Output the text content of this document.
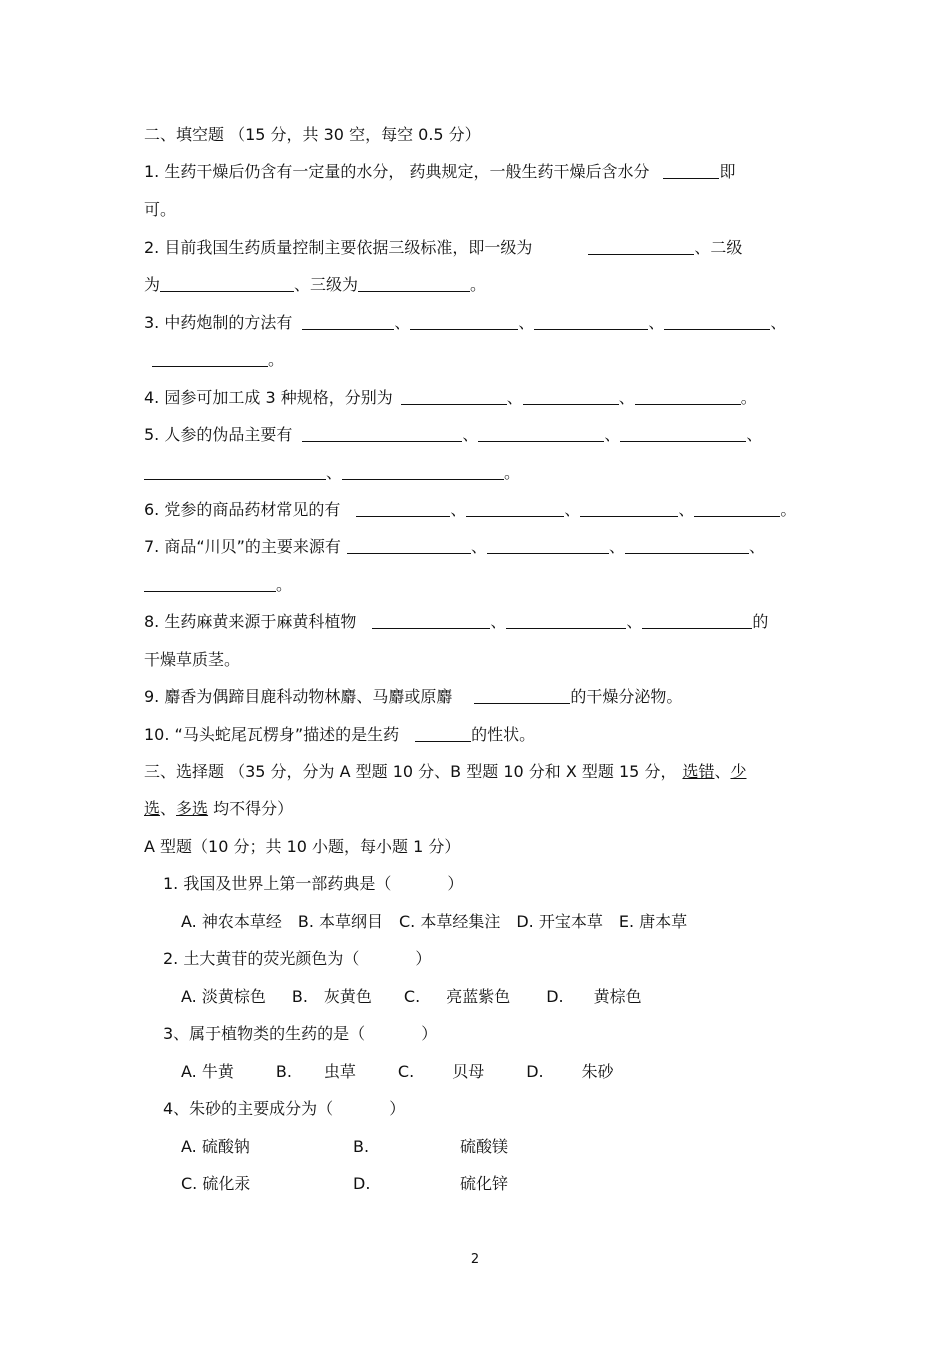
二、填空题 （15 分，共 30 空，每空 0.5 分）
1. 生药干燥后仍含有一定量的水分， 药典规定，一般生药干燥后含水分	即
可。
2. 目前我国生药质量控制主要依据三级标准，即一级为	、二级
为	、三级为	。
3. 中药炮制的方法有	、	、	、	、
。
4. 园参可加工成 3 种规格，分别为	、	、	。
5. 人参的伪品主要有	、	、	、
、	。
6. 党参的商品药材常见的有	、	、	、	。
7. 商品“川贝”的主要来源有	、	、	、
。
8. 生药麻黄来源于麻黄科植物	、	、	的
干燥草质茎。
9. 麝香为偶蹄目鹿科动物林麝、马麝或原麝	的干燥分泌物。
10. “马头蛇尾瓦楞身”描述的是生药	的性状。
三、选择题 （35 分，分为 A 型题 10 分、B 型题 10 分和 X 型题 15 分， 选错、少
选、多选 均不得分）
A 型题（10 分；共 10 小题，每小题 1 分）
1. 我国及世界上第一部药典是（	）
A. 神农本草经 B. 本草纲目 C. 本草经集注 D. 开宝本草 E. 唐本草
2. 土大黄苷的荧光颜色为（	）
A. 淡黄棕色 B. 灰黄色 C. 亮蓝紫色 D. 黄棕色
3、属于植物类的生药的是（	）
A. 牛黄	B. 虫草	C. 贝母	D. 朱砂
4、朱砂的主要成分为（	）
A. 硫酸钠	B.	硫酸镁
C. 硫化汞	D.	硫化锌
2
